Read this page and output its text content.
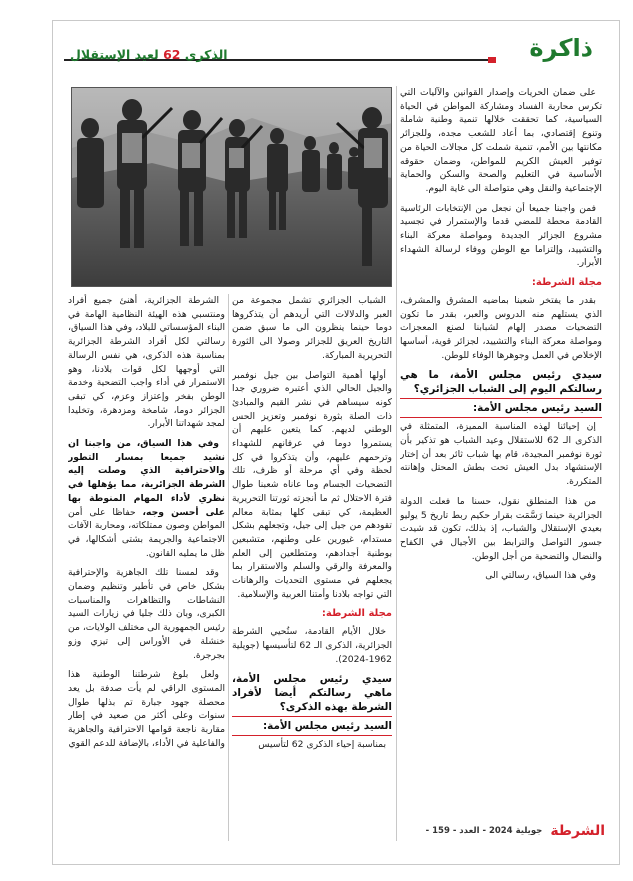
ذاكرة
الذكرى 62 لعيد الإستقلال

على ضمان الحريات وإصدار القوانين والآليات التي تكرس محاربة الفساد ومشاركة المواطن في الحياة السياسية، كما تحققت خلالها تنمية وطنية شاملة وتنوع إقتصادي، بما أعاد للشعب مجده، وللجزائر مكانتها بين الأمم، تنمية شملت كل مجالات الحياة من توفير العيش الكريم للمواطن، وضمان حقوقه الأساسية في التعليم والصحة والسكن والحماية الإجتماعية والنقل وهي متواصلة الى غاية اليوم.

فمن واجبنا جميعا أن نجعل من الإنتخابات الرئاسية القادمة محطة للمضي قدما والإستمرار في تجسيد مشروع الجزائر الجديدة ومواصلة معركة البناء والتشييد، وإلتزاما مع الوطن ووفاء لرسالة الشهداء الأبرار.

مجلة الشرطة:

بقدر ما يفتخر شعبنا بماضيه المشرق والمشرف، الذي يستلهم منه الدروس والعبر، بقدر ما تكون التضحيات مصدر إلهام لشبابنا لصنع المعجزات ومواصلة معركة البناء والتشييد، لجزائر قوية، أساسها الإخلاص في العمل وجوهرها الوفاء للوطن.

سيدي رئيس مجلس الأمة، ما هي رسالتكم اليوم إلى الشباب الجزائري؟
السيد رئيس مجلس الأمة:

إن إحيائنا لهذه المناسبة المميزة، المتمثلة في الذكرى الـ 62 للاستقلال وعيد الشباب هو تذكير بأن ثورة نوفمبر المجيدة، قام بها شباب ثائر بعد أن إختار الإستشهاد بدل العيش تحت بطش المحتل وإهانته المتكررة.

من هذا المنطلق نقول، حسنا ما فعلت الدولة الجزائرية حينما رَسَّمَت بقرار حكيم ربط تاريخ 5 يوليو بعيدي الإستقلال والشباب، إذ بذلك، تكون قد شيدت جسور التواصل والترابط بين الأجيال في الكفاح والنضال والتضحية من أجل الوطن.

وفي هذا السياق، رسالتي الى

الشباب الجزائري تشمل مجموعة من العبر والدلالات التي أريدهم أن يتذكروها دوما حينما ينظرون الى ما سبق ضمن التاريخ العريق للجزائر وصولا الى الثورة التحريرية المباركة.

أولها أهمية التواصل بين جيل نوفمبر والجيل الحالي الذي أعتبره ضروري جدا كونه سيساهم في نشر القيم والمبادئ ذات الصلة بثورة نوفمبر وتعزيز الحس الوطني لديهم. كما يتعين عليهم أن يستمروا دوما في عرفانهم للشهداء وترحمهم عليهم، وأن يتذكروا في كل لحظة وفي أي مرحلة أو ظرف، تلك التضحيات الجسام وما عاناه شعبنا طوال فترة الاحتلال ثم ما أنجزته ثورتنا التحريرية العظيمة، كي تبقى كلها بمثابة معالم تقودهم من جيل إلى جيل، وتجعلهم بشكل مستدام، غيورين على وطنهم، متشبعين بوطنية أجدادهم، ومتطلعين إلى العلم والمعرفة والرقي والسلم والاستقرار بما يجعلهم في مستوى التحديات والرهانات التي تواجه بلادنا وأمتنا العربية والإسلامية.

مجلة الشرطة:

خلال الأيام القادمة، ستُحيي الشرطة الجزائرية، الذكرى الـ 62 لتأسيسها (جويلية 1962-2024).

سيدي رئيس مجلس الأمة، ماهي رسالتكم أيضا لأفراد الشرطة بهذه الذكرى؟
السيد رئيس مجلس الأمة:

بمناسبة إحياء الذكرى 62 لتأسيس

الشرطة الجزائرية، أهنئ جميع أفراد ومنتسبي هذه الهيئة النظامية الهامة في البناء المؤسساتي للبلاد، وفي هذا السياق، رسالتي لكل أفراد الشرطة الجزائرية بمناسبة هذه الذكرى، هي نفس الرسالة التي أوجهها لكل قوات بلادنا، وهو الاستمرار في أداء واجب التضحية وخدمة الوطن بفخر وإعتزاز وعزم، كي تبقى الجزائر دوما، شامخة ومزدهرة، وتخليدا لمجد شهداتنا الأبرار.

وفي هذا السياق، من واجبنا ان نشيد جميعا بمسار التطور والاحترافية الذي وصلت إليه الشرطة الجزائرية، مما يؤهلها في نظري لأداء المهام المنوطة بها على أحسن وجه، حفاظا على أمن المواطن وصون ممتلكاته، ومحاربة الآفات الاجتماعية والجريمة بشتى أشكالها، في ظل ما يمليه القانون.

وقد لمسنا تلك الجاهزية والإحترافية بشكل خاص في تأطير وتنظيم وضمان النشاطات والتظاهرات والمناسبات الكبرى، وبان ذلك جليا في زيارات السيد رئيس الجمهورية الى مختلف الولايات، من خنشلة في الأوراس إلى تيزي وزو بجرجرة.

ولعل بلوغ شرطتنا الوطنية هذا المستوى الراقي لم يأت صدفة بل يعد محصلة جهود جبارة تم بذلها طوال سنوات وعلى أكثر من صعيد في إطار مقاربة ناجعة قوامها الاحترافية والجاهزية والفاعلية في الأداء، بالإضافة للدعم القوي

الشرطة
جويلية 2024 - العدد - 159 -
